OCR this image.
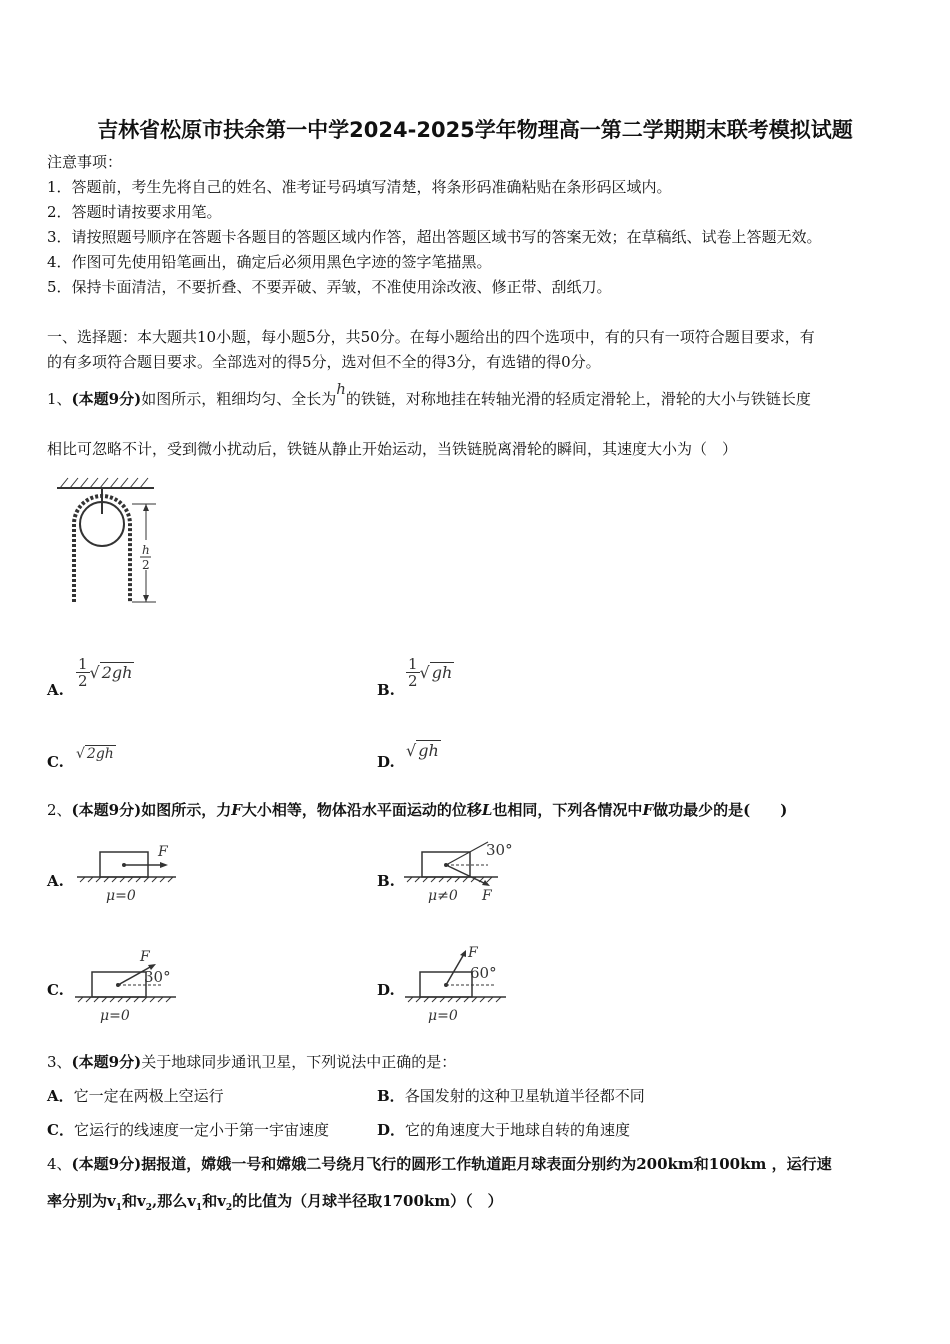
吉林省松原市扶余第一中学2024-2025学年物理高一第二学期期末联考模拟试题
注意事项：
1．答题前，考生先将自己的姓名、准考证号码填写清楚，将条形码准确粘贴在条形码区域内。
2．答题时请按要求用笔。
3．请按照题号顺序在答题卡各题目的答题区域内作答，超出答题区域书写的答案无效；在草稿纸、试卷上答题无效。
4．作图可先使用铅笔画出，确定后必须用黑色字迹的签字笔描黑。
5．保持卡面清洁，不要折叠、不要弄破、弄皱，不准使用涂改液、修正带、刮纸刀。
一、选择题：本大题共10小题，每小题5分，共50分。在每小题给出的四个选项中，有的只有一项符合题目要求，有
的有多项符合题目要求。全部选对的得5分，选对但不全的得3分，有选错的得0分。
1、(本题9分)如图所示，粗细均匀、全长为h的铁链，对称地挂在转轴光滑的轻质定滑轮上，滑轮的大小与铁链长度
相比可忽略不计，受到微小扰动后，铁链从静止开始运动，当铁链脱离滑轮的瞬间，其速度大小为（　）
h
2
A.
$\frac{1}{2}$ √ 2gh
B.
$\frac{1}{2}$ √ gh
C. √ 2gh	D.
√ gh
2、(本题9分)如图所示，力F大小相等，物体沿水平面运动的位移L也相同，下列各情况中F做功最少的是(　　)
A.
F
μ=0
B.
30°
F
μ≠0
C.
F
30°
μ=0
D.
F
60°
μ=0
3、(本题9分)关于地球同步通讯卫星，下列说法中正确的是：
A．它一定在两极上空运行	B．各国发射的这种卫星轨道半径都不同
C．它运行的线速度一定小于第一宇宙速度	D．它的角速度大于地球自转的角速度
4、(本题9分)据报道，嫦娥一号和嫦娥二号绕月飞行的圆形工作轨道距月球表面分别约为200km和100km ，运行速
率分别为$v_1$和$v_2$,那么$v_1$和$v_2$的比值为（月球半径取1700km）（　）
